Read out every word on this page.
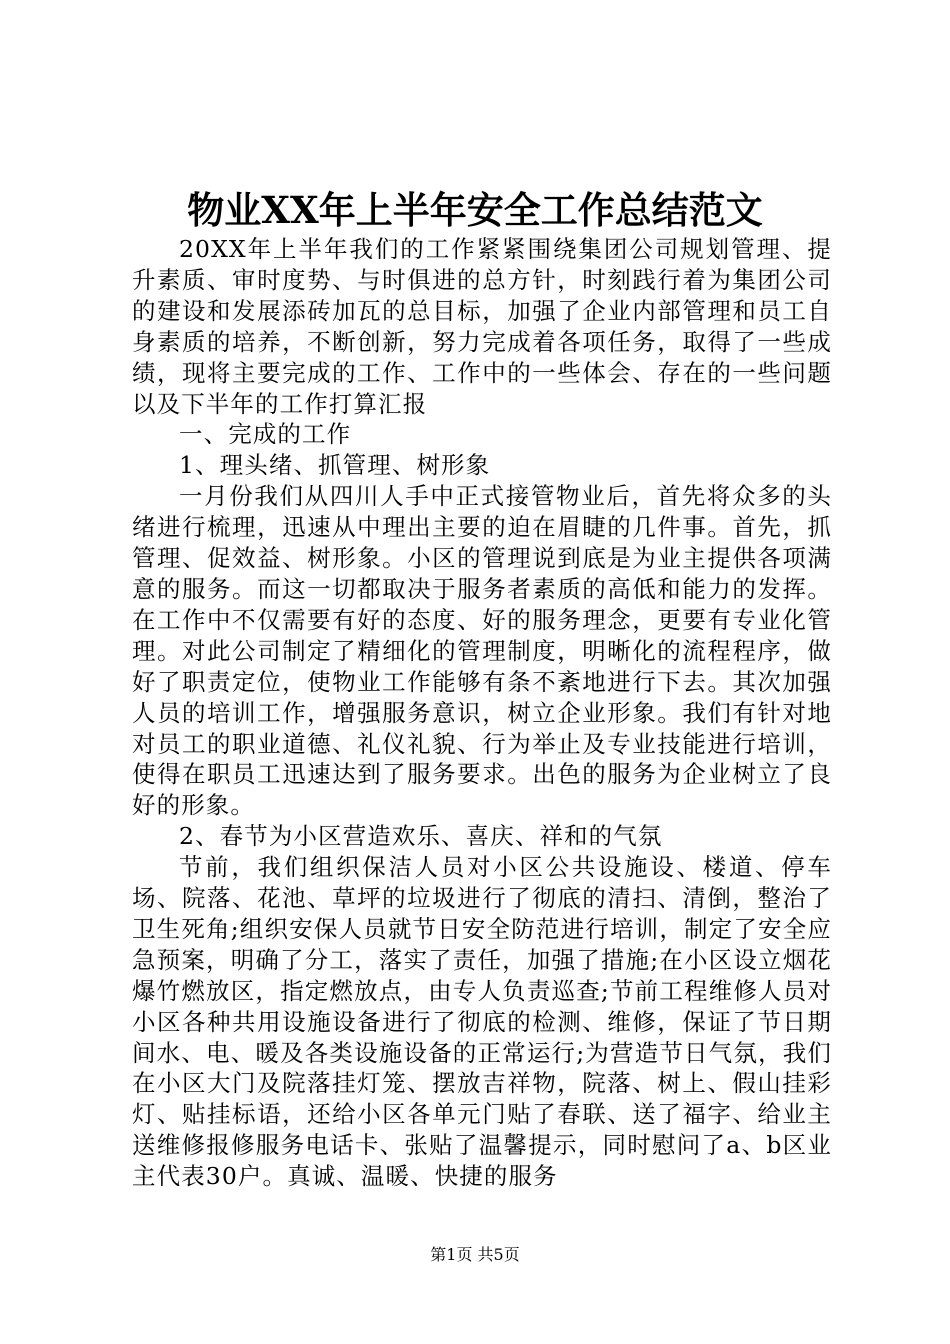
物业XX年上半年安全工作总结范文

20XX年上半年我们的工作紧紧围绕集团公司规划管理、提升素质、审时度势、与时俱进的总方针，时刻践行着为集团公司的建设和发展添砖加瓦的总目标，加强了企业内部管理和员工自身素质的培养，不断创新，努力完成着各项任务，取得了一些成绩，现将主要完成的工作、工作中的一些体会、存在的一些问题以及下半年的工作打算汇报

一、完成的工作

1、理头绪、抓管理、树形象

一月份我们从四川人手中正式接管物业后，首先将众多的头绪进行梳理，迅速从中理出主要的迫在眉睫的几件事。首先，抓管理、促效益、树形象。小区的管理说到底是为业主提供各项满意的服务。而这一切都取决于服务者素质的高低和能力的发挥。在工作中不仅需要有好的态度、好的服务理念，更要有专业化管理。对此公司制定了精细化的管理制度，明晰化的流程程序，做好了职责定位，使物业工作能够有条不紊地进行下去。其次加强人员的培训工作，增强服务意识，树立企业形象。我们有针对地对员工的职业道德、礼仪礼貌、行为举止及专业技能进行培训，使得在职员工迅速达到了服务要求。出色的服务为企业树立了良好的形象。

2、春节为小区营造欢乐、喜庆、祥和的气氛

节前，我们组织保洁人员对小区公共设施设、楼道、停车场、院落、花池、草坪的垃圾进行了彻底的清扫、清倒，整治了卫生死角;组织安保人员就节日安全防范进行培训，制定了安全应急预案，明确了分工，落实了责任，加强了措施;在小区设立烟花爆竹燃放区，指定燃放点，由专人负责巡查;节前工程维修人员对小区各种共用设施设备进行了彻底的检测、维修，保证了节日期间水、电、暖及各类设施设备的正常运行;为营造节日气氛，我们在小区大门及院落挂灯笼、摆放吉祥物，院落、树上、假山挂彩灯、贴挂标语，还给小区各单元门贴了春联、送了福字、给业主送维修报修服务电话卡、张贴了温馨提示，同时慰问了a、b区业主代表30户。真诚、温暖、快捷的服务

第1页 共5页
